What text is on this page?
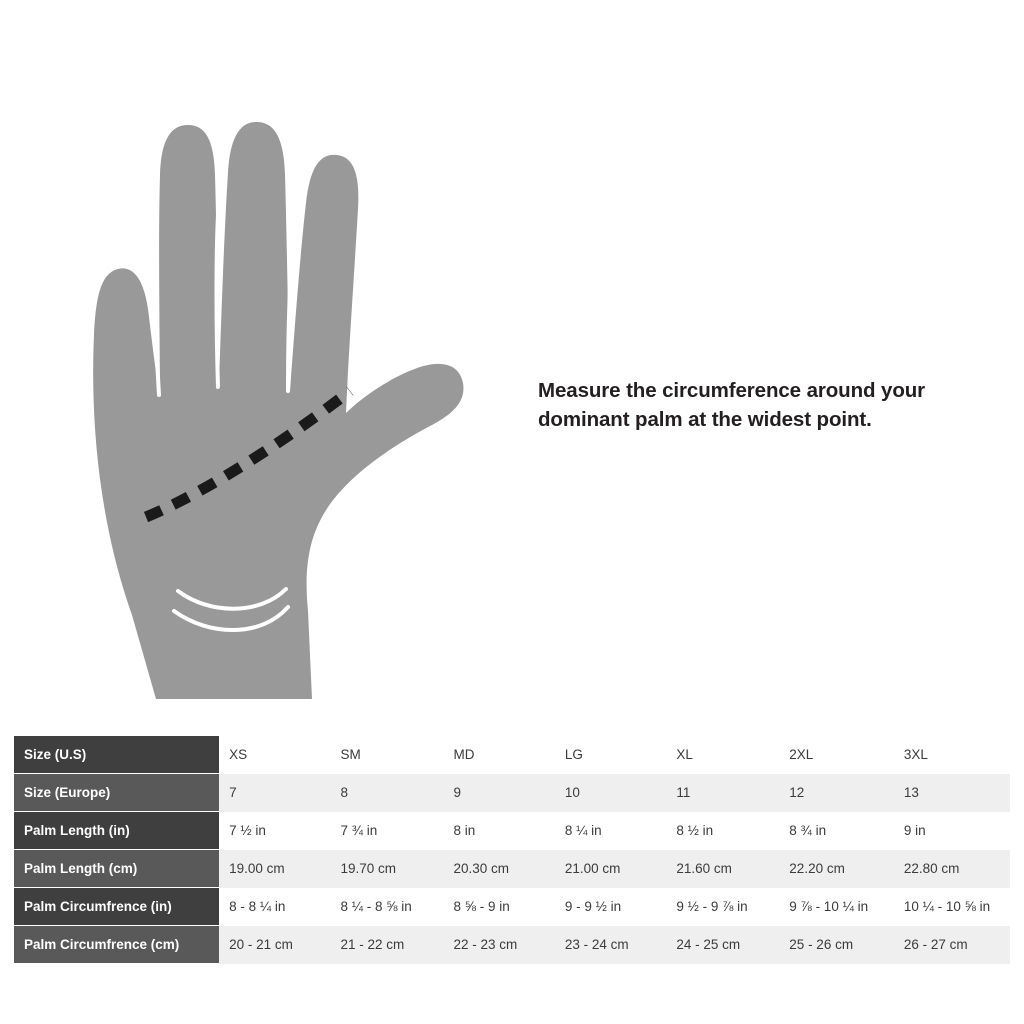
Measure the circumference around your dominant palm at the widest point.
Size (U.S)	XS	SM	MD	LG	XL	2XL	3XL
Size (Europe)	7	8	9	10	11	12	13
Palm Length (in)	7 ½ in	7 ¾ in	8 in	8 ¼ in	8 ½ in	8 ¾ in	9 in
Palm Length (cm)	19.00 cm	19.70 cm	20.30 cm	21.00 cm	21.60 cm	22.20 cm	22.80 cm
Palm Circumfrence (in)	8 - 8 ¼ in	8 ¼ - 8 ⅝ in	8 ⅝ - 9 in	9 - 9 ½ in	9 ½ - 9 ⅞ in	9 ⅞ - 10 ¼ in	10 ¼ - 10 ⅝ in
Palm Circumfrence (cm)	20 - 21 cm	21 - 22 cm	22 - 23 cm	23 - 24 cm	24 - 25 cm	25 - 26 cm	26 - 27 cm
